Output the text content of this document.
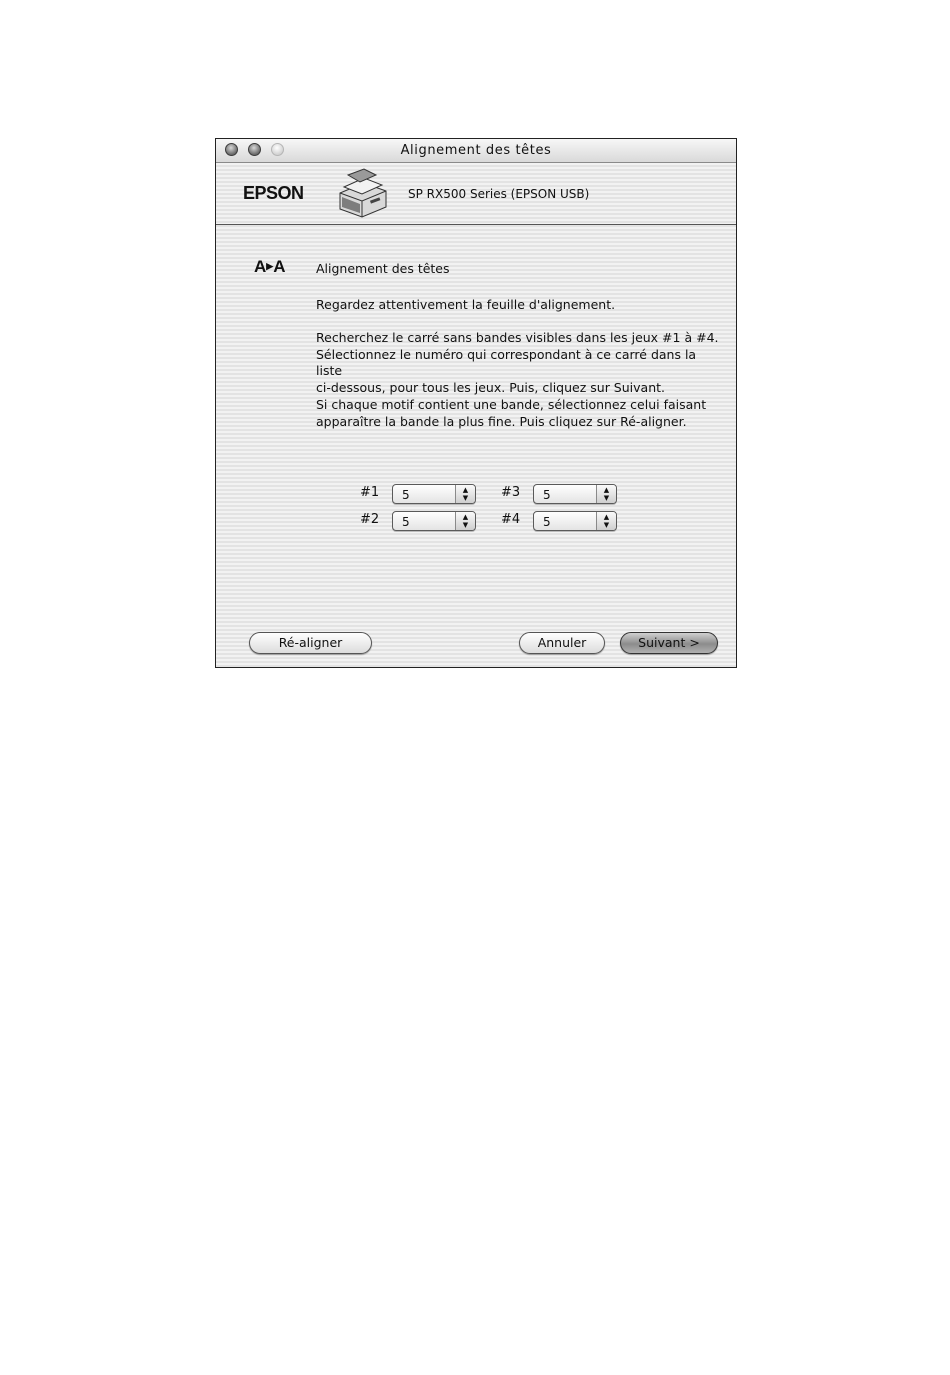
Alignement des têtes
EPSON	SP RX500 Series (EPSON USB)
A▶A Alignement des têtes
Regardez attentivement la feuille d'alignement.
Recherchez le carré sans bandes visibles dans les jeux #1 à #4.
Sélectionnez le numéro qui correspondant à ce carré dans la liste
ci-dessous, pour tous les jeux. Puis, cliquez sur Suivant.
Si chaque motif contient une bande, sélectionnez celui faisant
apparaître la bande la plus fine. Puis cliquez sur Ré-aligner.
#1 5	▲
▼	#3 5	▲
▼
#2 5	▲
▼	#4 5	▲
▼
Ré-aligner	Annuler	Suivant >
